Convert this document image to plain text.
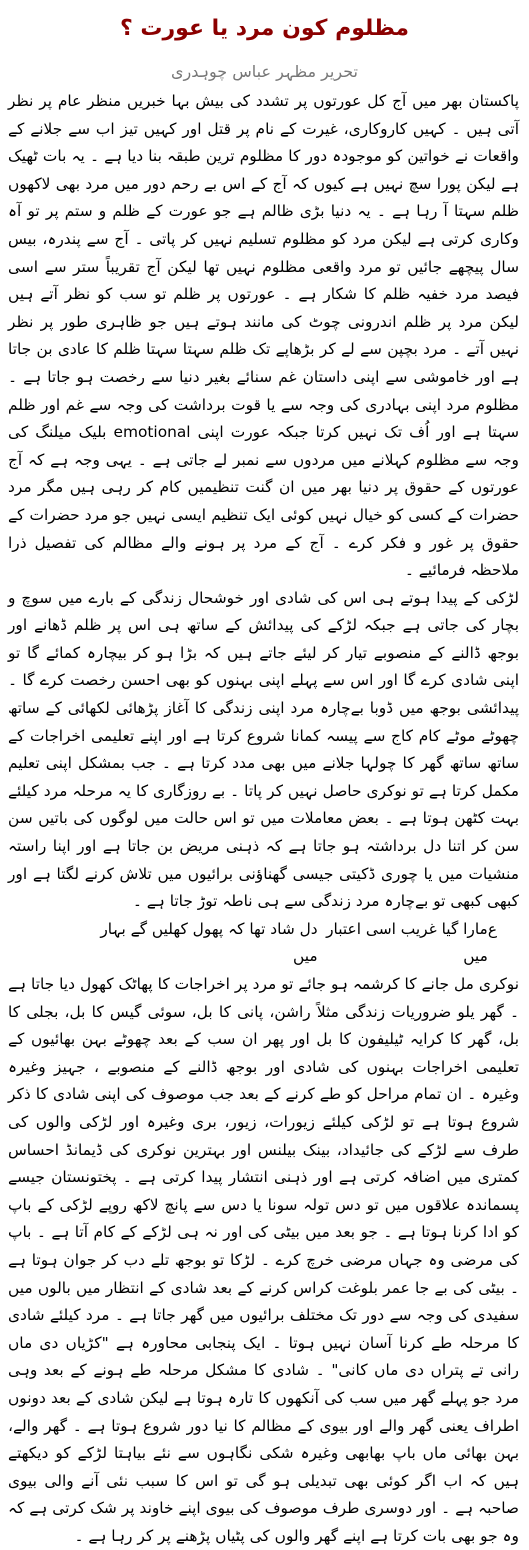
مظلوم کون مرد یا عورت ؟
تحریر مظہر عباس چوہدری

پاکستان بھر میں آج کل عورتوں پر تشدد کی بیش بہا خبریں منظر عام پر نظر آتی ہیں ۔ کہیں کاروکاری، غیرت کے نام پر قتل اور کہیں تیز اب سے جلانے کے واقعات نے خواتین کو موجودہ دور کا مظلوم ترین طبقہ بنا دیا ہے ۔ یہ بات ٹھیک ہے لیکن پورا سچ نہیں ہے کیوں کہ آج کے اس بے رحم دور میں مرد بھی لاکھوں ظلم سہتا آ رہا ہے ۔ یہ دنیا بڑی ظالم ہے جو عورت کے ظلم و ستم پر تو آہ وکاری کرتی ہے لیکن مرد کو مظلوم تسلیم نہیں کر پاتی ۔ آج سے پندرہ، بیس سال پیچھے جائیں تو مرد واقعی مظلوم نہیں تھا لیکن آج تقریباً ستر سے اسی فیصد مرد خفیہ ظلم کا شکار ہے ۔ عورتوں پر ظلم تو سب کو نظر آتے ہیں لیکن مرد پر ظلم اندرونی چوٹ کی مانند ہوتے ہیں جو ظاہری طور پر نظر نہیں آتے ۔ مرد بچپن سے لے کر بڑھاپے تک ظلم سہتا سہتا ظلم کا عادی بن جاتا ہے اور خاموشی سے اپنی داستان غم سنائے بغیر دنیا سے رخصت ہو جاتا ہے ۔ مظلوم مرد اپنی بہادری کی وجہ سے یا قوت برداشت کی وجہ سے غم اور ظلم سہتا ہے اور اُف تک نہیں کرتا جبکہ عورت اپنی emotional بلیک میلنگ کی وجہ سے مظلوم کہلانے میں مردوں سے نمبر لے جاتی ہے ۔ یہی وجہ ہے کہ آج عورتوں کے حقوق پر دنیا بھر میں ان گنت تنظیمیں کام کر رہی ہیں مگر مرد حضرات کے کسی کو خیال نہیں کوئی ایک تنظیم ایسی نہیں جو مرد حضرات کے حقوق پر غور و فکر کرے ۔ آج کے مرد پر ہونے والے مظالم کی تفصیل ذرا ملاحظہ فرمائیے ۔

لڑکی کے پیدا ہوتے ہی اس کی شادی اور خوشحال زندگی کے بارے میں سوچ و بچار کی جاتی ہے جبکہ لڑکے کی پیدائش کے ساتھ ہی اس پر ظلم ڈھانے اور بوجھ ڈالنے کے منصوبے تیار کر لیئے جاتے ہیں کہ بڑا ہو کر بیچارہ کمائے گا تو اپنی شادی کرے گا اور اس سے پہلے اپنی بہنوں کو بھی احسن رخصت کرے گا ۔ پیدائشی بوجھ میں ڈوبا بےچارہ مرد اپنی زندگی کا آغاز پڑھائی لکھائی کے ساتھ چھوٹے موٹے کام کاج سے پیسہ کمانا شروع کرتا ہے اور اپنے تعلیمی اخراجات کے ساتھ ساتھ گھر کا چولہا جلانے میں بھی مدد کرتا ہے ۔ جب بمشکل اپنی تعلیم مکمل کرتا ہے تو نوکری حاصل نہیں کر پاتا ۔ بے روزگاری کا یہ مرحلہ مرد کیلئے بہت کٹھن ہوتا ہے ۔ بعض معاملات میں تو اس حالت میں لوگوں کی باتیں سن سن کر اتنا دل برداشتہ ہو جاتا ہے کہ ذہنی مریض بن جاتا ہے اور اپنا راستہ منشیات میں یا چوری ڈکیتی جیسی گھناؤنی برائیوں میں تلاش کرنے لگتا ہے اور کبھی کبھی تو بےچارہ مرد زندگی سے ہی ناطہ توڑ جاتا ہے ۔

ع
مارا گیا غریب اسی اعتبار میں
دل شاد تھا کہ پھول کھلیں گے بہار میں

نوکری مل جانے کا کرشمہ ہو جائے تو مرد پر اخراجات کا پھاٹک کھول دیا جاتا ہے ۔ گھر یلو ضروریات زندگی مثلاً راشن، پانی کا بل، سوئی گیس کا بل، بجلی کا بل، گھر کا کرایہ ٹیلیفون کا بل اور پھر ان سب کے بعد چھوٹے بہن بھائیوں کے تعلیمی اخراجات بہنوں کی شادی اور بوجھ ڈالنے کے منصوبے ، جہیز وغیرہ وغیرہ ۔ ان تمام مراحل کو طے کرنے کے بعد جب موصوف کی اپنی شادی کا ذکر شروع ہوتا ہے تو لڑکی کیلئے زیورات، زیور، بری وغیرہ اور لڑکی والوں کی طرف سے لڑکے کی جائیداد، بینک بیلنس اور بہترین نوکری کی ڈیمانڈ احساس کمتری میں اضافہ کرتی ہے اور ذہنی انتشار پیدا کرتی ہے ۔ پختونستان جیسے پسماندہ علاقوں میں تو دس تولہ سونا یا دس سے پانچ لاکھ روپے لڑکی کے باپ کو ادا کرنا ہوتا ہے ۔ جو بعد میں بیٹی کی اور نہ ہی لڑکے کے کام آتا ہے ۔ باپ کی مرضی وہ جہاں مرضی خرچ کرے ۔ لڑکا تو بوجھ تلے دب کر جوان ہوتا ہے ۔ بیٹی کی بے جا عمر بلوغت کراس کرنے کے بعد شادی کے انتظار میں بالوں میں سفیدی کی وجہ سے دور تک مختلف برائیوں میں گھر جاتا ہے ۔ مرد کیلئے شادی کا مرحلہ طے کرنا آسان نہیں ہوتا ۔ ایک پنجابی محاورہ ہے "کڑیاں دی ماں رانی تے پتراں دی ماں کانی" ۔ شادی کا مشکل مرحلہ طے ہونے کے بعد وہی مرد جو پہلے گھر میں سب کی آنکھوں کا تارہ ہوتا ہے لیکن شادی کے بعد دونوں اطراف یعنی گھر والے اور بیوی کے مظالم کا نیا دور شروع ہوتا ہے ۔ گھر والے، بہن بھائی ماں باپ بھابھی وغیرہ شکی نگاہوں سے نئے بیاہتا لڑکے کو دیکھتے ہیں کہ اب اگر کوئی بھی تبدیلی ہو گی تو اس کا سبب نئی آنے والی بیوی صاحبہ ہے ۔ اور دوسری طرف موصوف کی بیوی اپنے خاوند پر شک کرتی ہے کہ وہ جو بھی بات کرتا ہے اپنے گھر والوں کی پٹیاں پڑھنے پر کر رہا ہے ۔
